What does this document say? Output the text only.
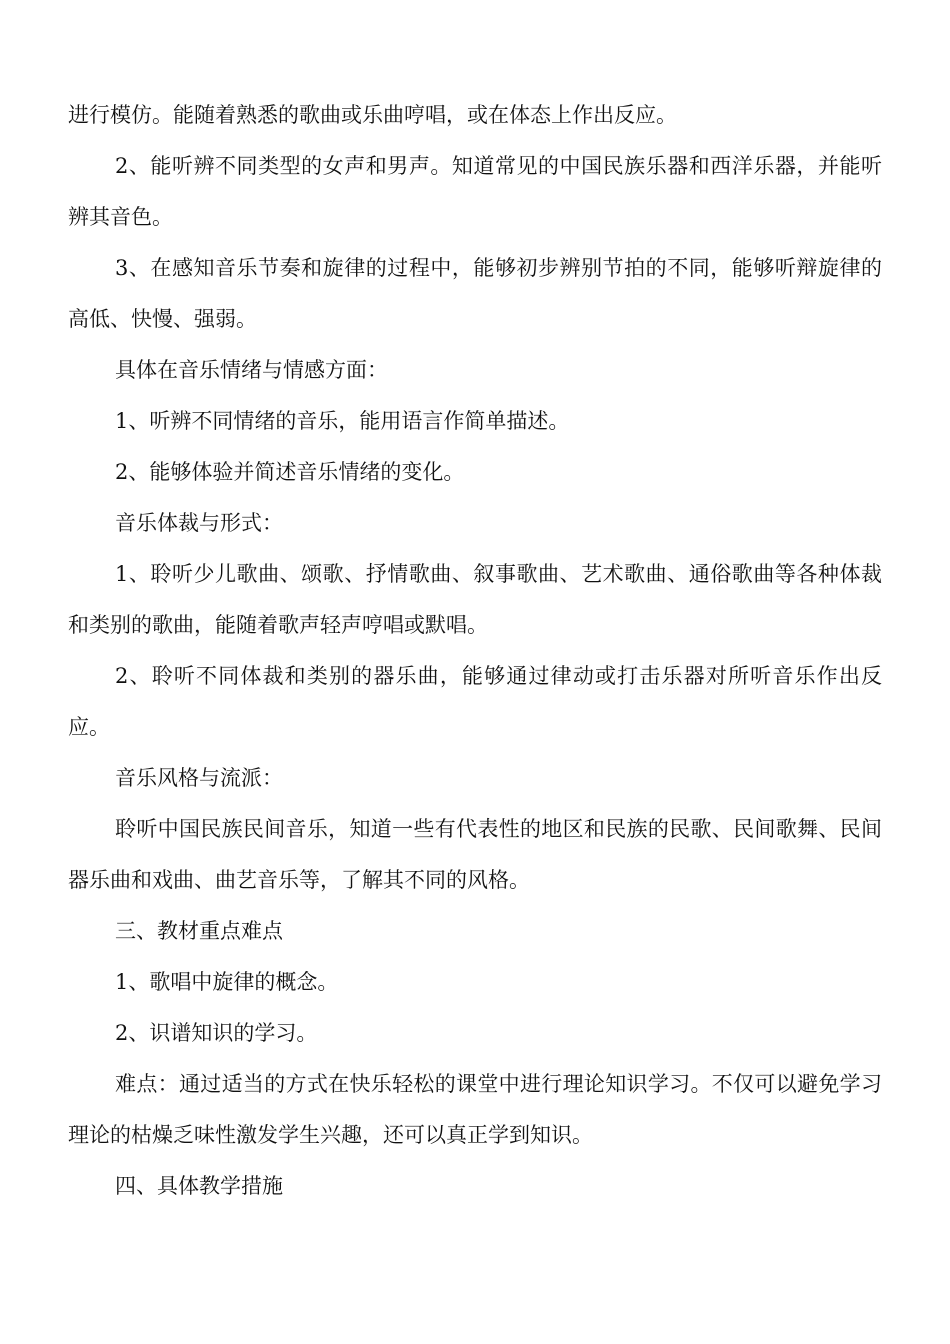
进行模仿。能随着熟悉的歌曲或乐曲哼唱，或在体态上作出反应。

2、能听辨不同类型的女声和男声。知道常见的中国民族乐器和西洋乐器，并能听辨其音色。

3、在感知音乐节奏和旋律的过程中，能够初步辨别节拍的不同，能够听辩旋律的高低、快慢、强弱。

具体在音乐情绪与情感方面：

1、听辨不同情绪的音乐，能用语言作简单描述。

2、能够体验并简述音乐情绪的变化。

音乐体裁与形式：

1、聆听少儿歌曲、颂歌、抒情歌曲、叙事歌曲、艺术歌曲、通俗歌曲等各种体裁和类别的歌曲，能随着歌声轻声哼唱或默唱。

2、聆听不同体裁和类别的器乐曲，能够通过律动或打击乐器对所听音乐作出反应。

音乐风格与流派：

聆听中国民族民间音乐，知道一些有代表性的地区和民族的民歌、民间歌舞、民间器乐曲和戏曲、曲艺音乐等，了解其不同的风格。

三、教材重点难点

1、歌唱中旋律的概念。

2、识谱知识的学习。

难点：通过适当的方式在快乐轻松的课堂中进行理论知识学习。不仅可以避免学习理论的枯燥乏味性激发学生兴趣，还可以真正学到知识。

四、具体教学措施
